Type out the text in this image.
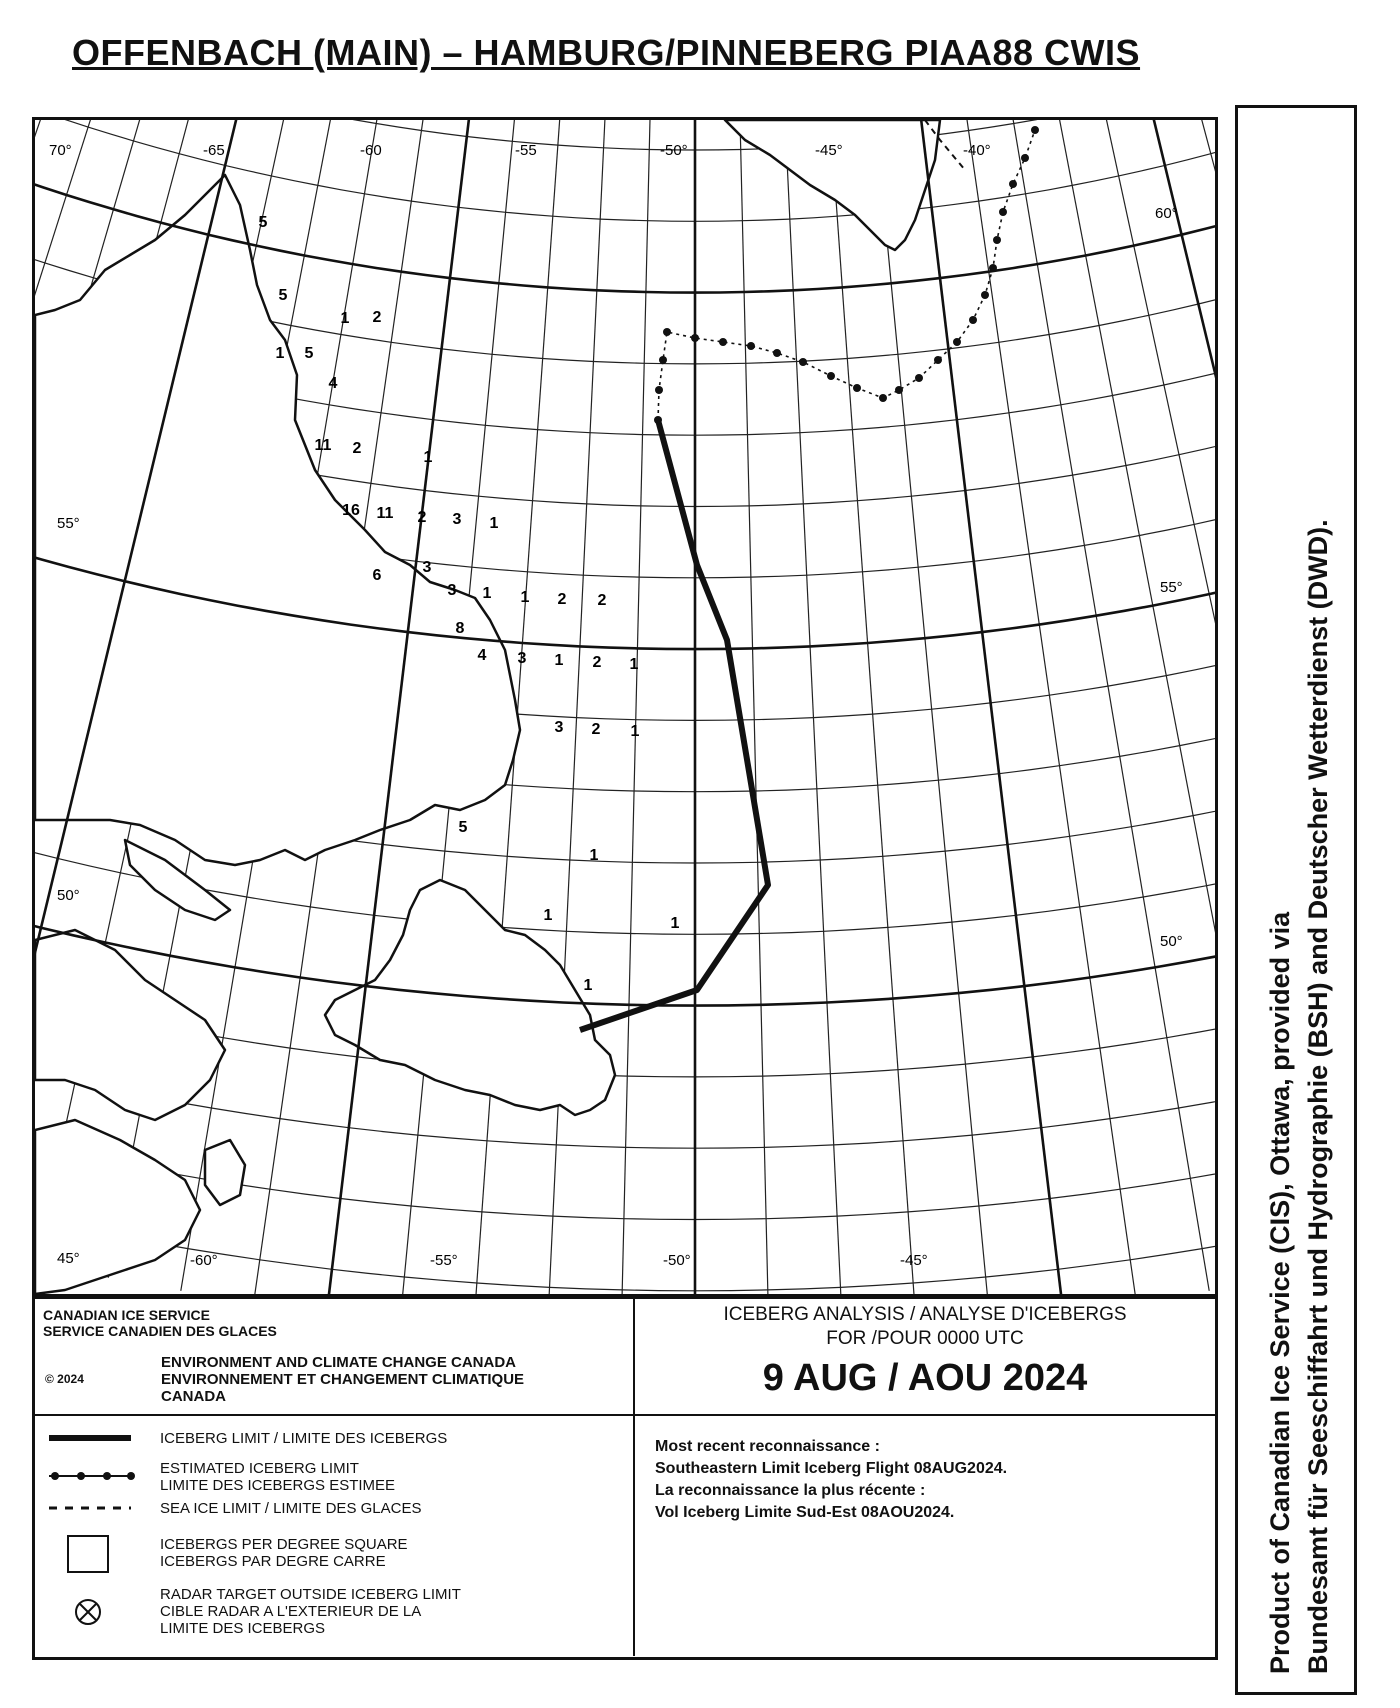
OFFENBACH (MAIN) – HAMBURG/PINNEBERG PIAA88 CWIS
70°	-65	-60	-55	-50°	-45°	-40°
-60°	-55°	-50°	-45°
60°
55°
50°
55°
50°
45°
5
5
1
2
1
5
4
11 2
1
16 11 2 3 1
6	3
3 1 1 2 2
8
4 3 1 2 1
3 2 1
5
1
1	1
1
CANADIAN ICE SERVICE
SERVICE CANADIEN DES GLACES
© 2024
ENVIRONMENT AND CLIMATE CHANGE CANADA
ENVIRONNEMENT ET CHANGEMENT CLIMATIQUE
CANADA
ICEBERG ANALYSIS / ANALYSE D'ICEBERGS
FOR /POUR 0000 UTC
9 AUG / AOU 2024
ICEBERG LIMIT / LIMITE DES ICEBERGS
ESTIMATED ICEBERG LIMIT
LIMITE DES ICEBERGS ESTIMEE
SEA ICE LIMIT / LIMITE DES GLACES
ICEBERGS PER DEGREE SQUARE
ICEBERGS PAR DEGRE CARRE
RADAR TARGET OUTSIDE ICEBERG LIMIT
CIBLE RADAR A L'EXTERIEUR DE LA
LIMITE DES ICEBERGS
Most recent reconnaissance :
Southeastern Limit Iceberg Flight 08AUG2024.
La reconnaissance la plus récente :
Vol Iceberg Limite Sud-Est 08AOU2024.	Product of Canadian Ice Service (CIS), Ottawa, provided via Bundesamt für Seeschiffahrt und Hydrographie (BSH) and Deutscher Wetterdienst (DWD).
